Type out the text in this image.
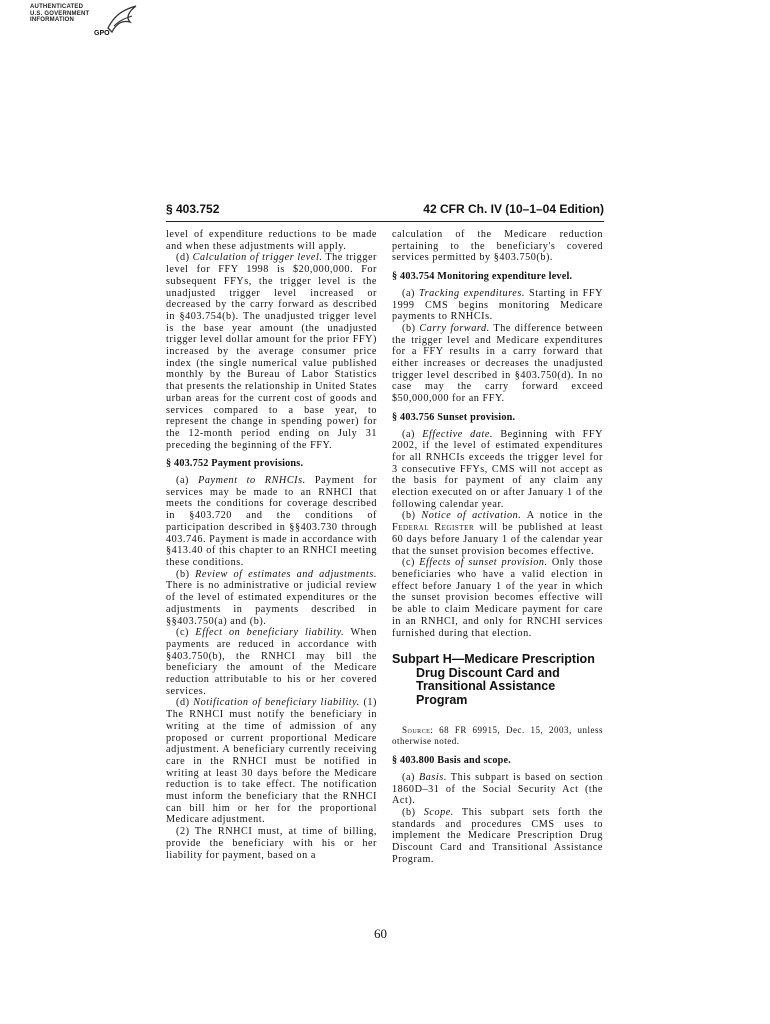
AUTHENTICATED
U.S. GOVERNMENT
INFORMATION
GPO
§ 403.752	42 CFR Ch. IV (10–1–04 Edition)

level of expenditure reductions to be made and when these adjustments will apply.

(d) Calculation of trigger level. The trigger level for FFY 1998 is $20,000,000. For subsequent FFYs, the trigger level is the unadjusted trigger level increased or decreased by the carry forward as described in §403.754(b). The unadjusted trigger level is the base year amount (the unadjusted trigger level dollar amount for the prior FFY) increased by the average consumer price index (the single numerical value published monthly by the Bureau of Labor Statistics that presents the relationship in United States urban areas for the current cost of goods and services compared to a base year, to represent the change in spending power) for the 12-month period ending on July 31 preceding the beginning of the FFY.

§ 403.752 Payment provisions.

(a) Payment to RNHCIs. Payment for services may be made to an RNHCI that meets the conditions for coverage described in §403.720 and the conditions of participation described in §§403.730 through 403.746. Payment is made in accordance with §413.40 of this chapter to an RNHCI meeting these conditions.

(b) Review of estimates and adjustments. There is no administrative or judicial review of the level of estimated expenditures or the adjustments in payments described in §§403.750(a) and (b).

(c) Effect on beneficiary liability. When payments are reduced in accordance with §403.750(b), the RNHCI may bill the beneficiary the amount of the Medicare reduction attributable to his or her covered services.

(d) Notification of beneficiary liability. (1) The RNHCI must notify the beneficiary in writing at the time of admission of any proposed or current proportional Medicare adjustment. A beneficiary currently receiving care in the RNHCI must be notified in writing at least 30 days before the Medicare reduction is to take effect. The notification must inform the beneficiary that the RNHCI can bill him or her for the proportional Medicare adjustment.

(2) The RNHCI must, at time of billing, provide the beneficiary with his or her liability for payment, based on a

calculation of the Medicare reduction pertaining to the beneficiary's covered services permitted by §403.750(b).

§ 403.754 Monitoring expenditure level.

(a) Tracking expenditures. Starting in FFY 1999 CMS begins monitoring Medicare payments to RNHCIs.

(b) Carry forward. The difference between the trigger level and Medicare expenditures for a FFY results in a carry forward that either increases or decreases the unadjusted trigger level described in §403.750(d). In no case may the carry forward exceed $50,000,000 for an FFY.

§ 403.756 Sunset provision.

(a) Effective date. Beginning with FFY 2002, if the level of estimated expenditures for all RNHCIs exceeds the trigger level for 3 consecutive FFYs, CMS will not accept as the basis for payment of any claim any election executed on or after January 1 of the following calendar year.

(b) Notice of activation. A notice in the Federal Register will be published at least 60 days before January 1 of the calendar year that the sunset provision becomes effective.

(c) Effects of sunset provision. Only those beneficiaries who have a valid election in effect before January 1 of the year in which the sunset provision becomes effective will be able to claim Medicare payment for care in an RNHCI, and only for RNCHI services furnished during that election.

Subpart H—Medicare Prescription Drug Discount Card and Transitional Assistance Program

Source: 68 FR 69915, Dec. 15, 2003, unless otherwise noted.

§ 403.800 Basis and scope.

(a) Basis. This subpart is based on section 1860D–31 of the Social Security Act (the Act).

(b) Scope. This subpart sets forth the standards and procedures CMS uses to implement the Medicare Prescription Drug Discount Card and Transitional Assistance Program.

60
